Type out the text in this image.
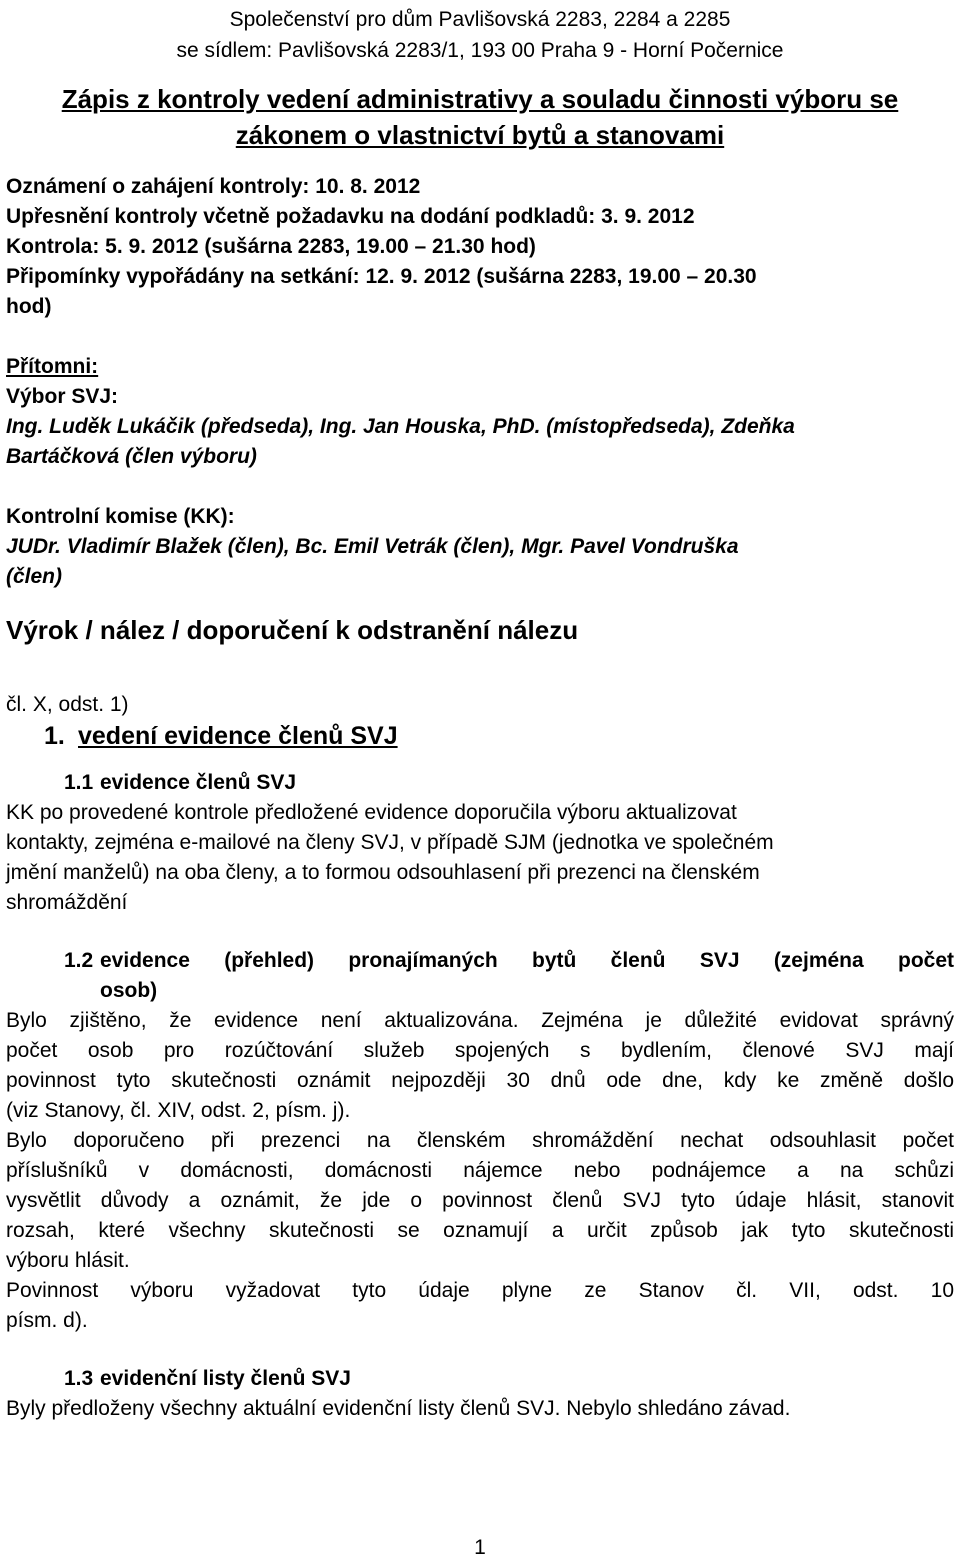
Společenství pro dům Pavlišovská 2283, 2284 a 2285
se sídlem: Pavlišovská 2283/1, 193 00 Praha 9 - Horní Počernice
Zápis z kontroly vedení administrativy a souladu činnosti výboru se
zákonem o vlastnictví bytů a stanovami
Oznámení o zahájení kontroly: 10. 8. 2012
Upřesnění kontroly včetně požadavku na dodání podkladů: 3. 9. 2012
Kontrola: 5. 9. 2012 (sušárna 2283, 19.00 – 21.30 hod)
Připomínky vypořádány na setkání: 12. 9. 2012 (sušárna 2283, 19.00 – 20.30
hod)
Přítomni:
Výbor SVJ:
Ing. Luděk Lukáčik (předseda), Ing. Jan Houska, PhD. (místopředseda), Zdeňka
Bartáčková (člen výboru)
Kontrolní komise (KK):
JUDr. Vladimír Blažek (člen), Bc. Emil Vetrák (člen), Mgr. Pavel Vondruška
(člen)
Výrok / nález / doporučení k odstranění nálezu
čl. X, odst. 1)
1. vedení evidence členů SVJ
1.1 evidence členů SVJ
KK po provedené kontrole předložené evidence doporučila výboru aktualizovat
kontakty, zejména e-mailové na členy SVJ, v případě SJM (jednotka ve společném
jmění manželů) na oba členy, a to formou odsouhlasení při prezenci na členském
shromáždění
1.2 evidence (přehled) pronajímaných bytů členů SVJ (zejména počet
osob)
Bylo zjištěno, že evidence není aktualizována. Zejména je důležité evidovat správný
počet osob pro rozúčtování služeb spojených s bydlením, členové SVJ mají
povinnost tyto skutečnosti oznámit nejpozději 30 dnů ode dne, kdy ke změně došlo
(viz Stanovy, čl. XIV, odst. 2, písm. j).
Bylo doporučeno při prezenci na členském shromáždění nechat odsouhlasit počet
příslušníků v domácnosti, domácnosti nájemce nebo podnájemce a na schůzi
vysvětlit důvody a oznámit, že jde o povinnost členů SVJ tyto údaje hlásit, stanovit
rozsah, které všechny skutečnosti se oznamují a určit způsob jak tyto skutečnosti
výboru hlásit.
Povinnost výboru vyžadovat tyto údaje plyne ze Stanov čl. VII, odst. 10
písm. d).
1.3 evidenční listy členů SVJ
Byly předloženy všechny aktuální evidenční listy členů SVJ. Nebylo shledáno závad.
1
